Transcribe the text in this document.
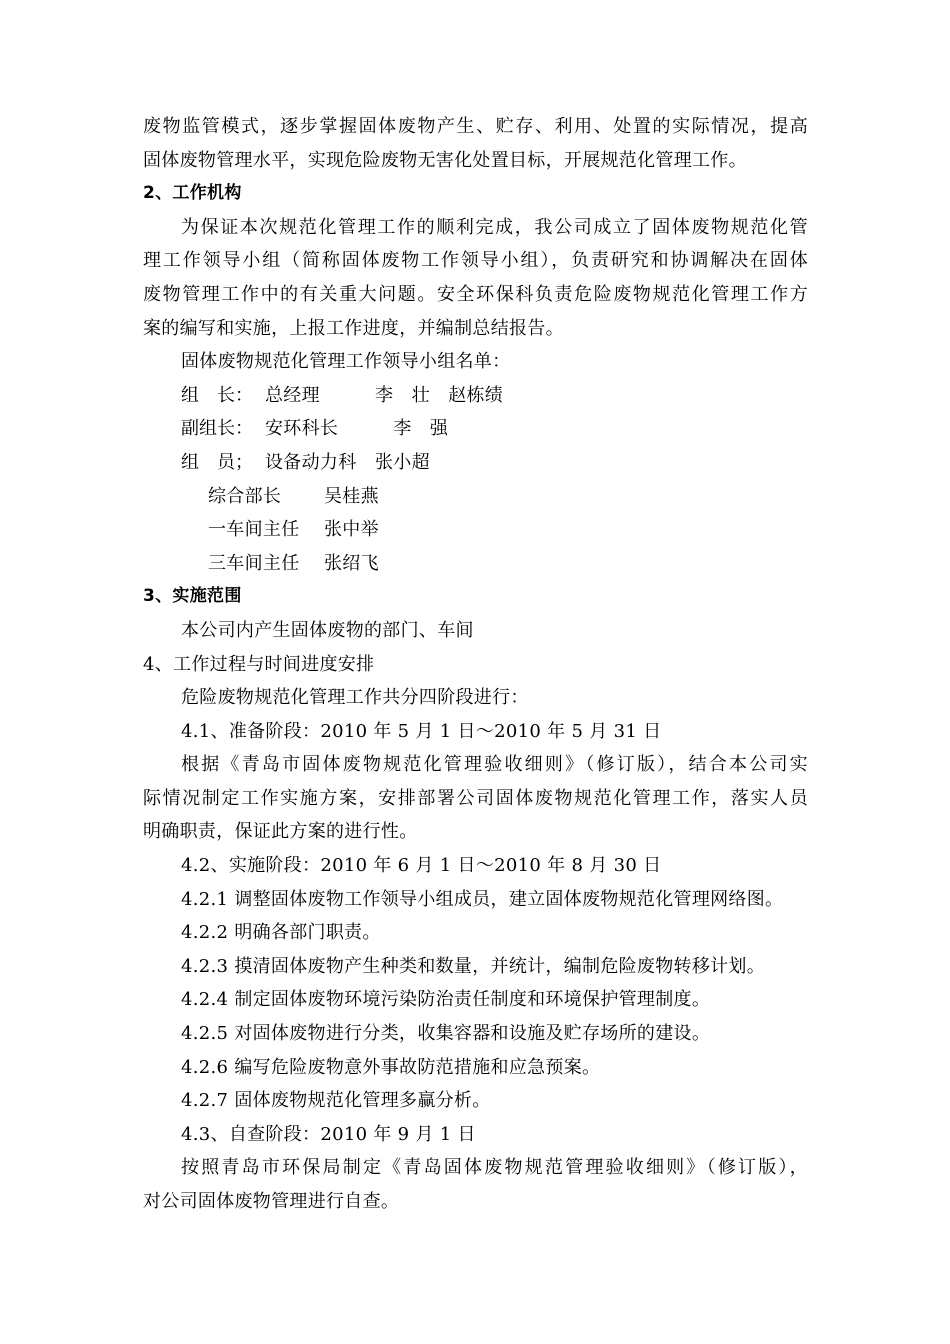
废物监管模式，逐步掌握固体废物产生、贮存、利用、处置的实际情况，提高
固体废物管理水平，实现危险废物无害化处置目标，开展规范化管理工作。
2、工作机构
为保证本次规范化管理工作的顺利完成，我公司成立了固体废物规范化管
理工作领导小组（简称固体废物工作领导小组），负责研究和协调解决在固体
废物管理工作中的有关重大问题。安全环保科负责危险废物规范化管理工作方
案的编写和实施，上报工作进度，并编制总结报告。
固体废物规范化管理工作领导小组名单：
组　长： 总经理	李　壮　赵栋绩
副组长： 安环科长　李　强
组　员； 设备动力科 张小超
综合部长 吴桂燕
一车间主任 张中举
三车间主任 张绍飞
3、实施范围
本公司内产生固体废物的部门、车间
4、工作过程与时间进度安排
危险废物规范化管理工作共分四阶段进行：
4.1、准备阶段：2010 年 5 月 1 日～2010 年 5 月 31 日
根据《青岛市固体废物规范化管理验收细则》（修订版），结合本公司实
际情况制定工作实施方案，安排部署公司固体废物规范化管理工作，落实人员
明确职责，保证此方案的进行性。
4.2、实施阶段：2010 年 6 月 1 日～2010 年 8 月 30 日
4.2.1 调整固体废物工作领导小组成员，建立固体废物规范化管理网络图。
4.2.2 明确各部门职责。
4.2.3 摸清固体废物产生种类和数量，并统计，编制危险废物转移计划。
4.2.4 制定固体废物环境污染防治责任制度和环境保护管理制度。
4.2.5 对固体废物进行分类，收集容器和设施及贮存场所的建设。
4.2.6 编写危险废物意外事故防范措施和应急预案。
4.2.7 固体废物规范化管理多赢分析。
4.3、自查阶段：2010 年 9 月 1 日
按照青岛市环保局制定《青岛固体废物规范管理验收细则》（修订版），
对公司固体废物管理进行自查。
